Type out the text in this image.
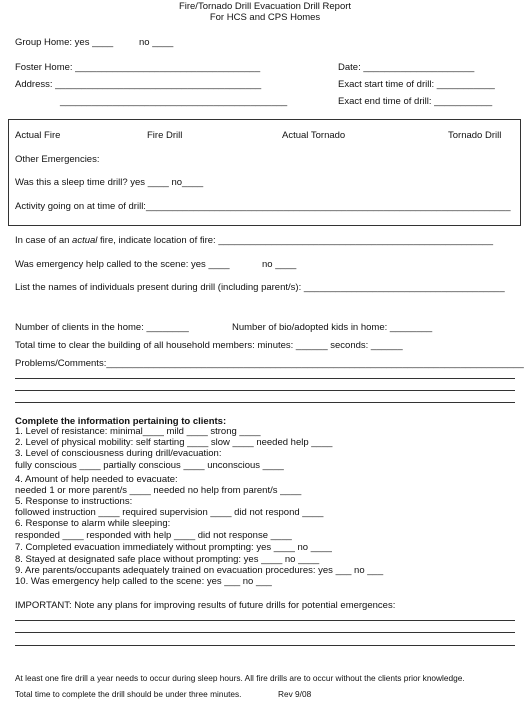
Fire/Tornado Drill Evacuation Drill Report
For HCS and CPS Homes
Group Home: yes ____	no ____
Foster Home: ___________________________________	Date: _____________________
Address: _______________________________________	Exact start time of drill: ___________
___________________________________________	Exact end time of drill: ___________
Actual Fire	Fire Drill	Actual Tornado	Tornado Drill
Other Emergencies:
Was this a sleep time drill? yes ____ no____
Activity going on at time of drill:_____________________________________________________________________
In case of an actual fire, indicate location of fire: ____________________________________________________
Was emergency help called to the scene: yes ____	no ____
List the names of individuals present during drill (including parent/s): ______________________________________
Number of clients in the home: ________	Number of bio/adopted kids in home: ________
Total time to clear the building of all household members: minutes: ______ seconds: ______
Problems/Comments:_______________________________________________________________________________
Complete the information pertaining to clients:
1. Level of resistance: minimal____ mild ____ strong ____
2. Level of physical mobility: self starting ____ slow ____ needed help ____
3. Level of consciousness during drill/evacuation:
fully conscious ____ partially conscious ____ unconscious ____
4. Amount of help needed to evacuate:
needed 1 or more parent/s ____ needed no help from parent/s ____
5. Response to instructions:
followed instruction ____ required supervision ____ did not respond ____
6. Response to alarm while sleeping:
responded ____ responded with help ____ did not response ____
7. Completed evacuation immediately without prompting: yes ____ no ____
8. Stayed at designated safe place without prompting: yes ____ no ____
9. Are parents/occupants adequately trained on evacuation procedures: yes ___ no ___
10. Was emergency help called to the scene: yes ___ no ___
IMPORTANT: Note any plans for improving results of future drills for potential emergences:
At least one fire drill a year needs to occur during sleep hours. All fire drills are to occur without the clients prior knowledge.
Total time to complete the drill should be under three minutes.	Rev 9/08
